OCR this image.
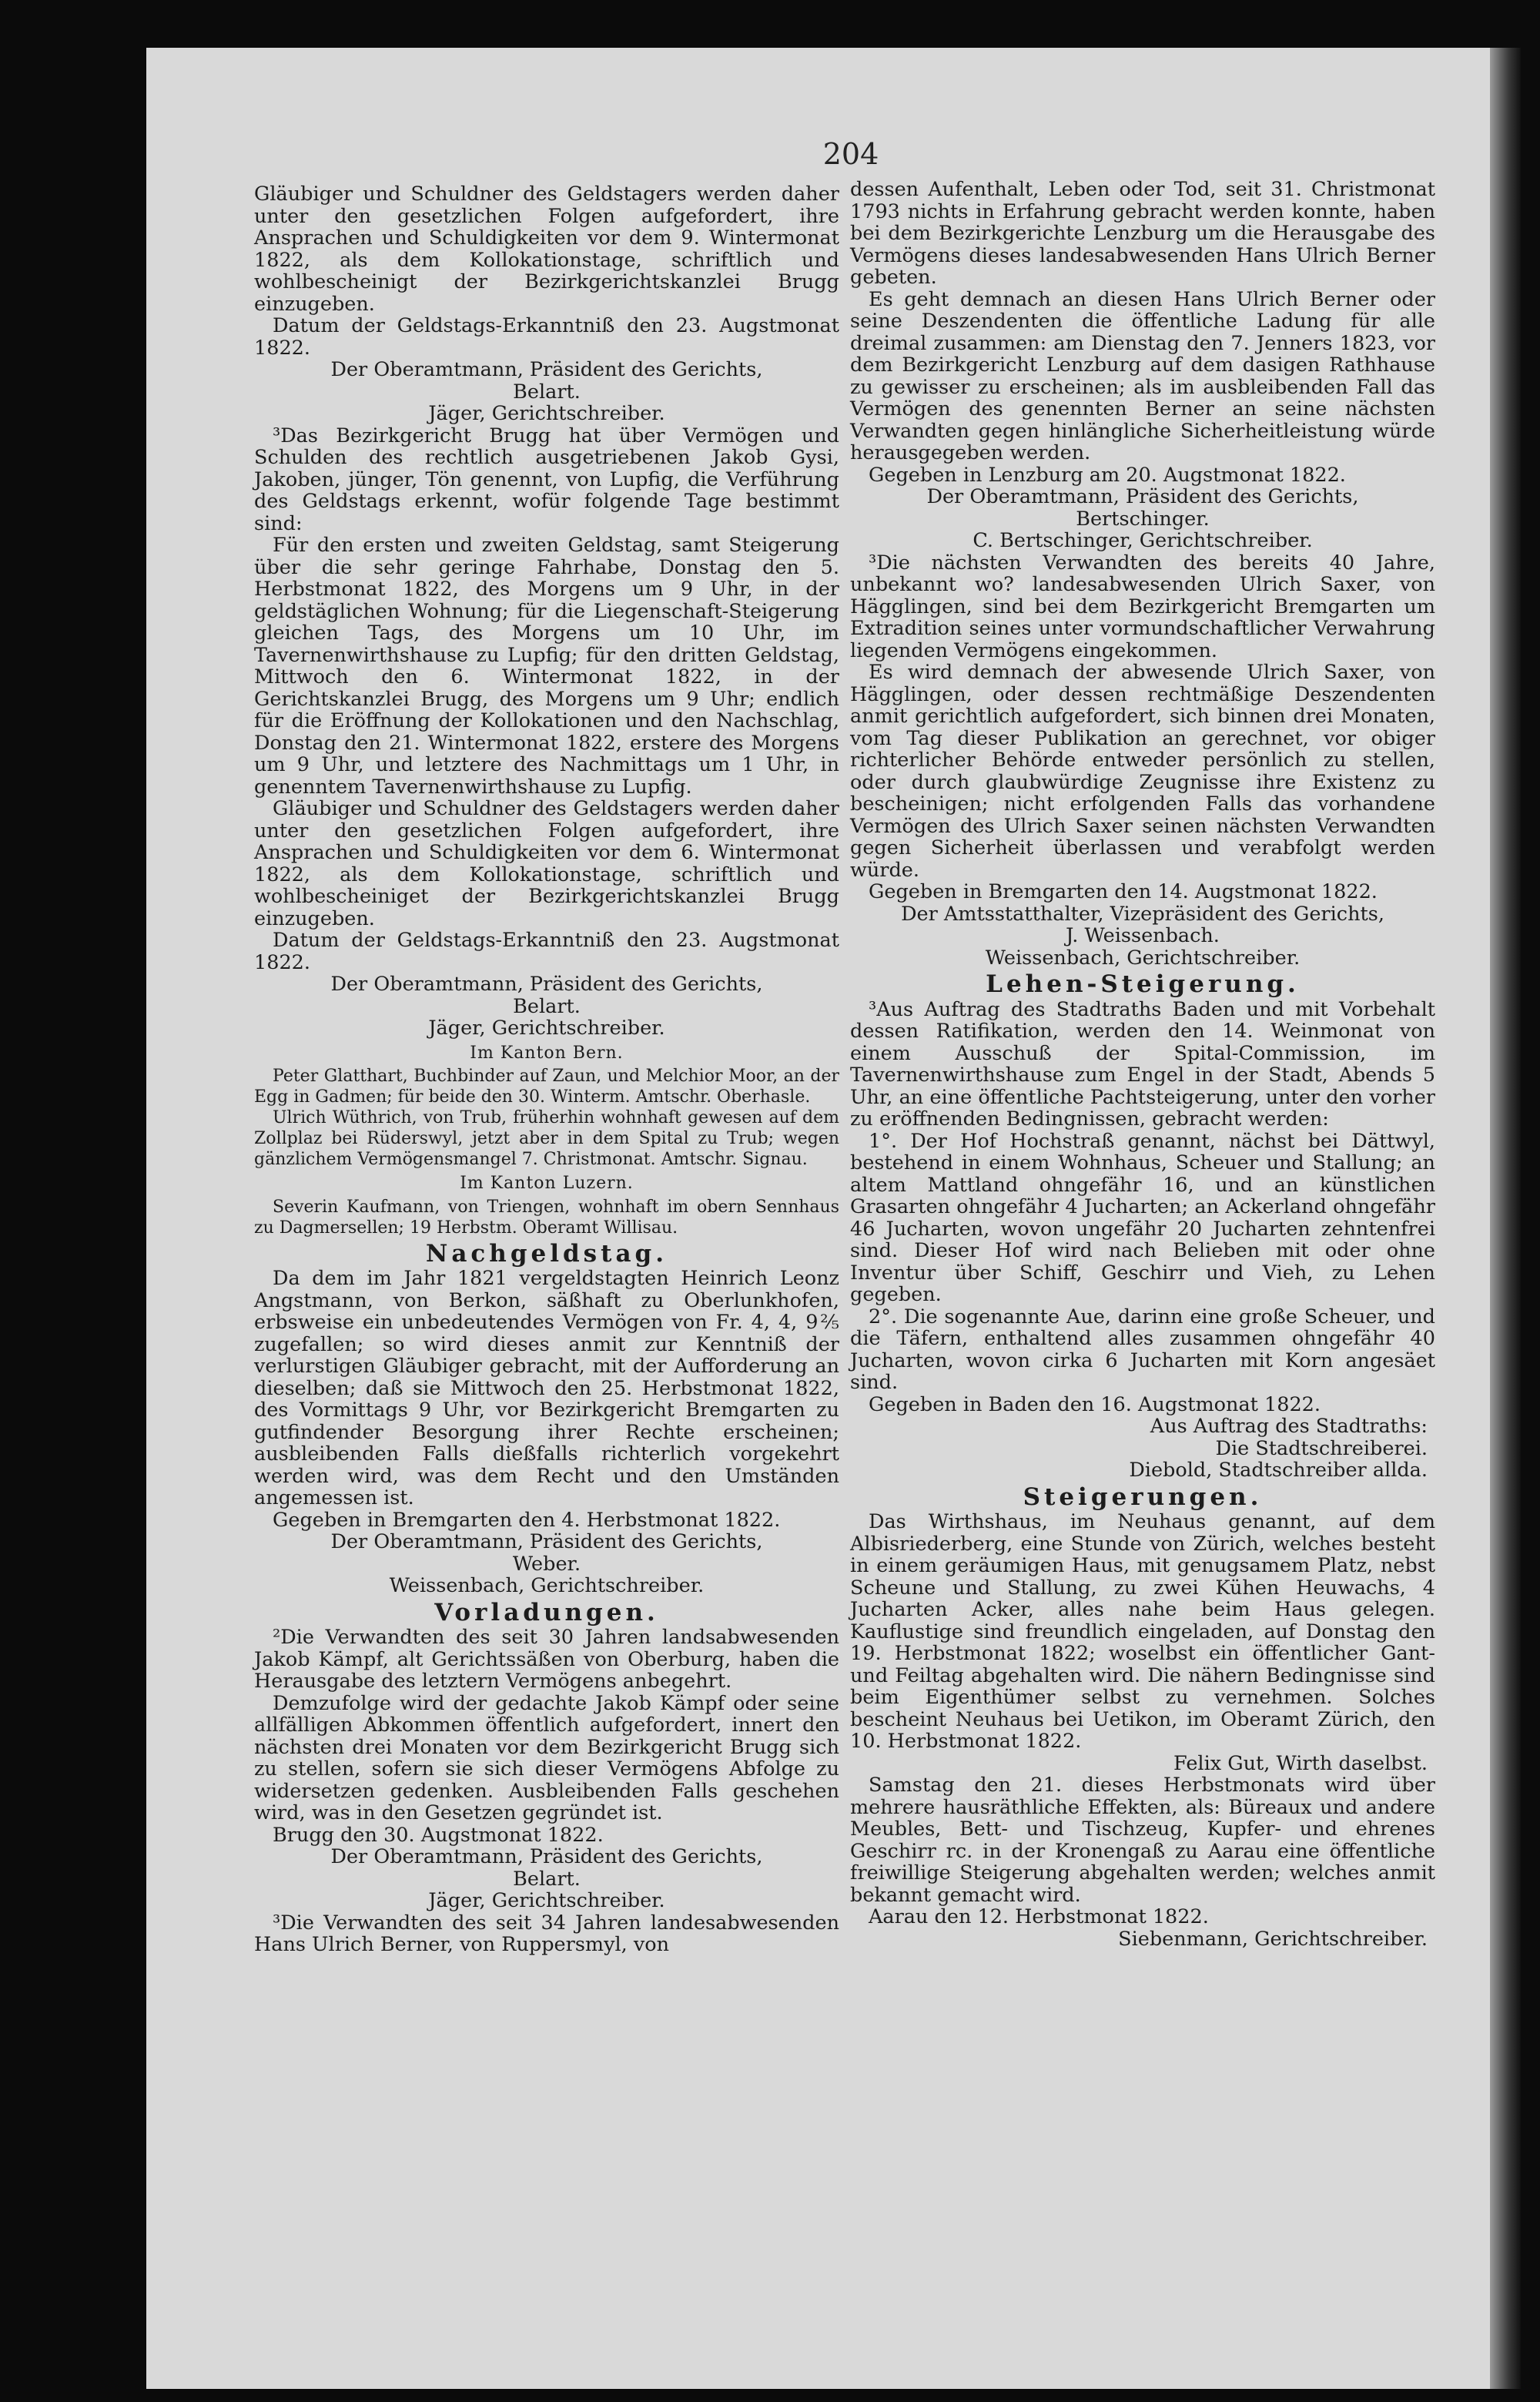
204

Gläubiger und Schuldner des Geldstagers werden daher unter den gesetzlichen Folgen aufgefordert, ihre Ansprachen und Schuldigkeiten vor dem 9. Wintermonat 1822, als dem Kollokationstage, schriftlich und wohlbescheinigt der Bezirkgerichtskanzlei Brugg einzugeben.

Datum der Geldstags-Erkanntniß den 23. Augstmonat 1822.

Der Oberamtmann, Präsident des Gerichts,

Belart.

Jäger, Gerichtschreiber.

³Das Bezirkgericht Brugg hat über Vermögen und Schulden des rechtlich ausgetriebenen Jakob Gysi, Jakoben, jünger, Tön genennt, von Lupfig, die Verführung des Geldstags erkennt, wofür folgende Tage bestimmt sind:

Für den ersten und zweiten Geldstag, samt Steigerung über die sehr geringe Fahrhabe, Donstag den 5. Herbstmonat 1822, des Morgens um 9 Uhr, in der geldstäglichen Wohnung; für die Liegenschaft-Steigerung gleichen Tags, des Morgens um 10 Uhr, im Tavernenwirthshause zu Lupfig; für den dritten Geldstag, Mittwoch den 6. Wintermonat 1822, in der Gerichtskanzlei Brugg, des Morgens um 9 Uhr; endlich für die Eröffnung der Kollokationen und den Nachschlag, Donstag den 21. Wintermonat 1822, erstere des Morgens um 9 Uhr, und letztere des Nachmittags um 1 Uhr, in genenntem Tavernenwirthshause zu Lupfig.

Gläubiger und Schuldner des Geldstagers werden daher unter den gesetzlichen Folgen aufgefordert, ihre Ansprachen und Schuldigkeiten vor dem 6. Wintermonat 1822, als dem Kollokationstage, schriftlich und wohlbescheiniget der Bezirkgerichtskanzlei Brugg einzugeben.

Datum der Geldstags-Erkanntniß den 23. Augstmonat 1822.

Der Oberamtmann, Präsident des Gerichts,

Belart.

Jäger, Gerichtschreiber.

Im Kanton Bern.

Peter Glatthart, Buchbinder auf Zaun, und Melchior Moor, an der Egg in Gadmen; für beide den 30. Winterm. Amtschr. Oberhasle.

Ulrich Wüthrich, von Trub, früherhin wohnhaft gewesen auf dem Zollplaz bei Rüderswyl, jetzt aber in dem Spital zu Trub; wegen gänzlichem Vermögensmangel 7. Christmonat. Amtschr. Signau.

Im Kanton Luzern.

Severin Kaufmann, von Triengen, wohnhaft im obern Sennhaus zu Dagmersellen; 19 Herbstm. Oberamt Willisau.

Nachgeldstag.

Da dem im Jahr 1821 vergeldstagten Heinrich Leonz Angstmann, von Berkon, säßhaft zu Oberlunkhofen, erbsweise ein unbedeutendes Vermögen von Fr. 4, 4, 9⅖ zugefallen; so wird dieses anmit zur Kenntniß der verlurstigen Gläubiger gebracht, mit der Aufforderung an dieselben; daß sie Mittwoch den 25. Herbstmonat 1822, des Vormittags 9 Uhr, vor Bezirkgericht Bremgarten zu gutfindender Besorgung ihrer Rechte erscheinen; ausbleibenden Falls dießfalls richterlich vorgekehrt werden wird, was dem Recht und den Umständen angemessen ist.

Gegeben in Bremgarten den 4. Herbstmonat 1822.

Der Oberamtmann, Präsident des Gerichts,

Weber.

Weissenbach, Gerichtschreiber.

Vorladungen.

²Die Verwandten des seit 30 Jahren landsabwesenden Jakob Kämpf, alt Gerichtssäßen von Oberburg, haben die Herausgabe des letztern Vermögens anbegehrt.

Demzufolge wird der gedachte Jakob Kämpf oder seine allfälligen Abkommen öffentlich aufgefordert, innert den nächsten drei Monaten vor dem Bezirkgericht Brugg sich zu stellen, sofern sie sich dieser Vermögens Abfolge zu widersetzen gedenken. Ausbleibenden Falls geschehen wird, was in den Gesetzen gegründet ist.

Brugg den 30. Augstmonat 1822.

Der Oberamtmann, Präsident des Gerichts,

Belart.

Jäger, Gerichtschreiber.

³Die Verwandten des seit 34 Jahren landesabwesenden Hans Ulrich Berner, von Ruppersmyl, von

dessen Aufenthalt, Leben oder Tod, seit 31. Christmonat 1793 nichts in Erfahrung gebracht werden konnte, haben bei dem Bezirkgerichte Lenzburg um die Herausgabe des Vermögens dieses landesabwesenden Hans Ulrich Berner gebeten.

Es geht demnach an diesen Hans Ulrich Berner oder seine Deszendenten die öffentliche Ladung für alle dreimal zusammen: am Dienstag den 7. Jenners 1823, vor dem Bezirkgericht Lenzburg auf dem dasigen Rathhause zu gewisser zu erscheinen; als im ausbleibenden Fall das Vermögen des genennten Berner an seine nächsten Verwandten gegen hinlängliche Sicherheitleistung würde herausgegeben werden.

Gegeben in Lenzburg am 20. Augstmonat 1822.

Der Oberamtmann, Präsident des Gerichts,

Bertschinger.

C. Bertschinger, Gerichtschreiber.

³Die nächsten Verwandten des bereits 40 Jahre, unbekannt wo? landesabwesenden Ulrich Saxer, von Hägglingen, sind bei dem Bezirkgericht Bremgarten um Extradition seines unter vormundschaftlicher Verwahrung liegenden Vermögens eingekommen.

Es wird demnach der abwesende Ulrich Saxer, von Hägglingen, oder dessen rechtmäßige Deszendenten anmit gerichtlich aufgefordert, sich binnen drei Monaten, vom Tag dieser Publikation an gerechnet, vor obiger richterlicher Behörde entweder persönlich zu stellen, oder durch glaubwürdige Zeugnisse ihre Existenz zu bescheinigen; nicht erfolgenden Falls das vorhandene Vermögen des Ulrich Saxer seinen nächsten Verwandten gegen Sicherheit überlassen und verabfolgt werden würde.

Gegeben in Bremgarten den 14. Augstmonat 1822.

Der Amtsstatthalter, Vizepräsident des Gerichts,

J. Weissenbach.

Weissenbach, Gerichtschreiber.

Lehen-Steigerung.

³Aus Auftrag des Stadtraths Baden und mit Vorbehalt dessen Ratifikation, werden den 14. Weinmonat von einem Ausschuß der Spital-Commission, im Tavernenwirthshause zum Engel in der Stadt, Abends 5 Uhr, an eine öffentliche Pachtsteigerung, unter den vorher zu eröffnenden Bedingnissen, gebracht werden:

1°. Der Hof Hochstraß genannt, nächst bei Dättwyl, bestehend in einem Wohnhaus, Scheuer und Stallung; an altem Mattland ohngefähr 16, und an künstlichen Grasarten ohngefähr 4 Jucharten; an Ackerland ohngefähr 46 Jucharten, wovon ungefähr 20 Jucharten zehntenfrei sind. Dieser Hof wird nach Belieben mit oder ohne Inventur über Schiff, Geschirr und Vieh, zu Lehen gegeben.

2°. Die sogenannte Aue, darinn eine große Scheuer, und die Täfern, enthaltend alles zusammen ohngefähr 40 Jucharten, wovon cirka 6 Jucharten mit Korn angesäet sind.

Gegeben in Baden den 16. Augstmonat 1822.

Aus Auftrag des Stadtraths:

Die Stadtschreiberei.

Diebold, Stadtschreiber allda.

Steigerungen.

Das Wirthshaus, im Neuhaus genannt, auf dem Albisriederberg, eine Stunde von Zürich, welches besteht in einem geräumigen Haus, mit genugsamem Platz, nebst Scheune und Stallung, zu zwei Kühen Heuwachs, 4 Jucharten Acker, alles nahe beim Haus gelegen. Kauflustige sind freundlich eingeladen, auf Donstag den 19. Herbstmonat 1822; woselbst ein öffentlicher Gant- und Feiltag abgehalten wird. Die nähern Bedingnisse sind beim Eigenthümer selbst zu vernehmen. Solches bescheint Neuhaus bei Uetikon, im Oberamt Zürich, den 10. Herbstmonat 1822.

Felix Gut, Wirth daselbst.

Samstag den 21. dieses Herbstmonats wird über mehrere hausräthliche Effekten, als: Büreaux und andere Meubles, Bett- und Tischzeug, Kupfer- und ehrenes Geschirr rc. in der Kronengaß zu Aarau eine öffentliche freiwillige Steigerung abgehalten werden; welches anmit bekannt gemacht wird.

Aarau den 12. Herbstmonat 1822.

Siebenmann, Gerichtschreiber.
